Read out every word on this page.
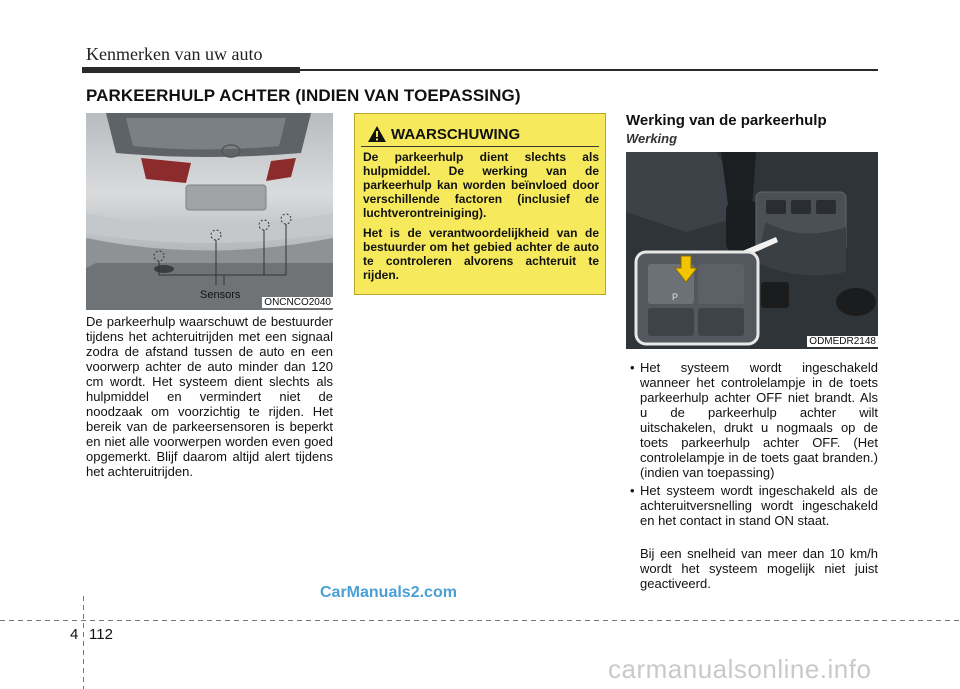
Kenmerken van uw auto
PARKEERHULP ACHTER (INDIEN VAN TOEPASSING)
Sensors
ONCNCO2040
De parkeerhulp waarschuwt de bestuurder tijdens het achteruitrijden met een signaal zodra de afstand tussen de auto en een voorwerp achter de auto minder dan 120 cm wordt. Het systeem dient slechts als hulpmiddel en vermindert niet de noodzaak om voorzichtig te rijden. Het bereik van de parkeersensoren is beperkt en niet alle voorwerpen worden even goed opgemerkt. Blijf daarom altijd alert tijdens het achteruitrijden.
WAARSCHUWING
De parkeerhulp dient slechts als hulpmiddel. De werking van de parkeerhulp kan worden beïnvloed door verschillende factoren (inclusief de luchtverontreiniging).
Het is de verantwoordelijkheid van de bestuurder om het gebied achter de auto te controleren alvorens achteruit te rijden.
Werking van de parkeerhulp
Werking
P
ODMEDR2148
• Het systeem wordt ingeschakeld wanneer het controlelampje in de toets parkeerhulp achter OFF niet brandt. Als u de parkeerhulp achter wilt uitschakelen, drukt u nogmaals op de toets parkeerhulp achter OFF. (Het controlelampje in de toets gaat branden.) (indien van toepassing)
• Het systeem wordt ingeschakeld als de achteruitversnelling wordt ingeschakeld en het contact in stand ON staat.
Bij een snelheid van meer dan 10 km/h wordt het systeem mogelijk niet juist geactiveerd.
CarManuals2.com
carmanualsonline.info
4 112
